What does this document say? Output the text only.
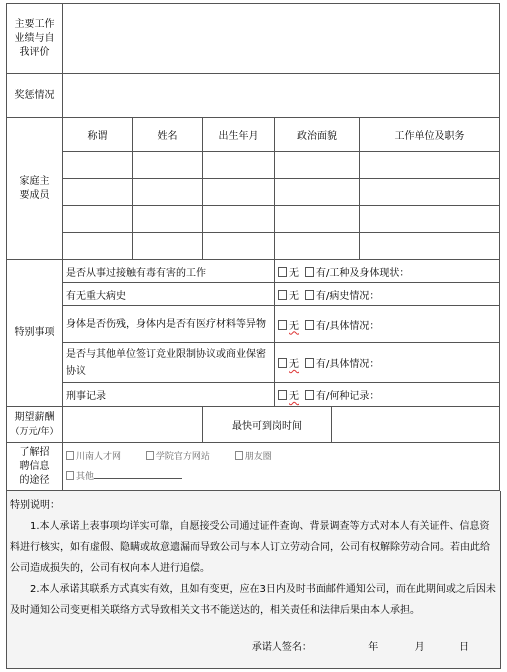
主要工作业绩与自我评价						
奖惩情况						
家庭主要成员	称谓	姓名	出生年月	政治面貌		工作单位及职务

特别事项	是否从事过接触有毒有害的工作			无 有/工种及身体现状：		
	有无重大病史			无 有/病史情况：		
	身体是否伤残，身体内是否有医疗材料等异物			无 有/具体情况：		
	是否与其他单位签订竞业限制协议或商业保密协议			无 有/具体情况：		
	刑事记录			无 有/何种记录：		

期望薪酬
（万元/年）			最快可到岗时间			
了解招聘信息的途径	川南人才网 学院官方网站 朋友圈
其他					

特别说明：

1.本人承诺上表事项均详实可靠，自愿接受公司通过证件查询、背景调查等方式对本人有关证件、信息资料进行核实，如有虚假、隐瞒或故意遗漏而导致公司与本人订立劳动合同，公司有权解除劳动合同。若由此给公司造成损失的，公司有权向本人进行追偿。

2.本人承诺其联系方式真实有效，且如有变更，应在3日内及时书面邮件通知公司，而在此期间或之后因未及时通知公司变更相关联络方式导致相关文书不能送达的，相关责任和法律后果由本人承担。

承诺人签名：	年	月	日
